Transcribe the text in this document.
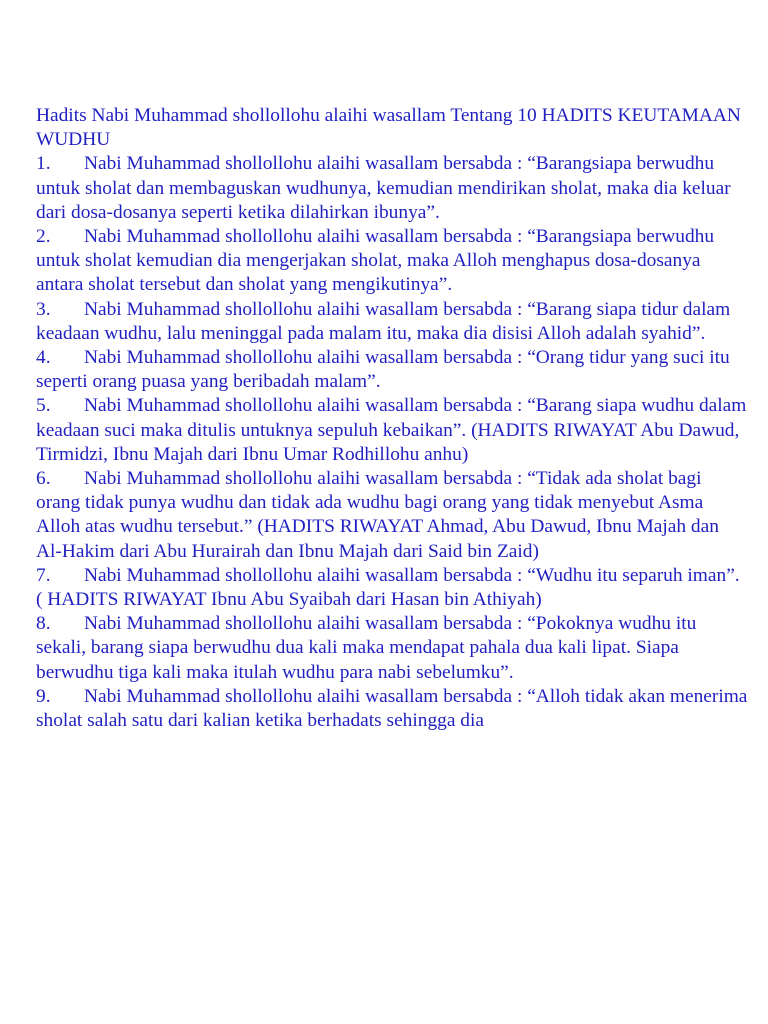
Hadits Nabi Muhammad shollollohu alaihi wasallam Tentang 10 HADITS KEUTAMAAN WUDHU

1. Nabi Muhammad shollollohu alaihi wasallam bersabda : “Barangsiapa berwudhu untuk sholat dan membaguskan wudhunya, kemudian mendirikan sholat, maka dia keluar dari dosa-dosanya seperti ketika dilahirkan ibunya”.

2. Nabi Muhammad shollollohu alaihi wasallam bersabda : “Barangsiapa berwudhu untuk sholat kemudian dia mengerjakan sholat, maka Alloh menghapus dosa-dosanya antara sholat tersebut dan sholat yang mengikutinya”.

3. Nabi Muhammad shollollohu alaihi wasallam bersabda : “Barang siapa tidur dalam keadaan wudhu, lalu meninggal pada malam itu, maka dia disisi Alloh adalah syahid”.

4. Nabi Muhammad shollollohu alaihi wasallam bersabda : “Orang tidur yang suci itu seperti orang puasa yang beribadah malam”.

5. Nabi Muhammad shollollohu alaihi wasallam bersabda : “Barang siapa wudhu dalam keadaan suci maka ditulis untuknya sepuluh kebaikan”. (HADITS RIWAYAT Abu Dawud, Tirmidzi, Ibnu Majah dari Ibnu Umar Rodhillohu anhu)

6. Nabi Muhammad shollollohu alaihi wasallam bersabda : “Tidak ada sholat bagi orang tidak punya wudhu dan tidak ada wudhu bagi orang yang tidak menyebut Asma Alloh atas wudhu tersebut.” (HADITS RIWAYAT Ahmad, Abu Dawud, Ibnu Majah dan Al-Hakim dari Abu Hurairah dan Ibnu Majah dari Said bin Zaid)

7. Nabi Muhammad shollollohu alaihi wasallam bersabda : “Wudhu itu separuh iman”. ( HADITS RIWAYAT Ibnu Abu Syaibah dari Hasan bin Athiyah)

8. Nabi Muhammad shollollohu alaihi wasallam bersabda : “Pokoknya wudhu itu sekali, barang siapa berwudhu dua kali maka mendapat pahala dua kali lipat. Siapa berwudhu tiga kali maka itulah wudhu para nabi sebelumku”.

9. Nabi Muhammad shollollohu alaihi wasallam bersabda : “Alloh tidak akan menerima sholat salah satu dari kalian ketika berhadats sehingga dia
